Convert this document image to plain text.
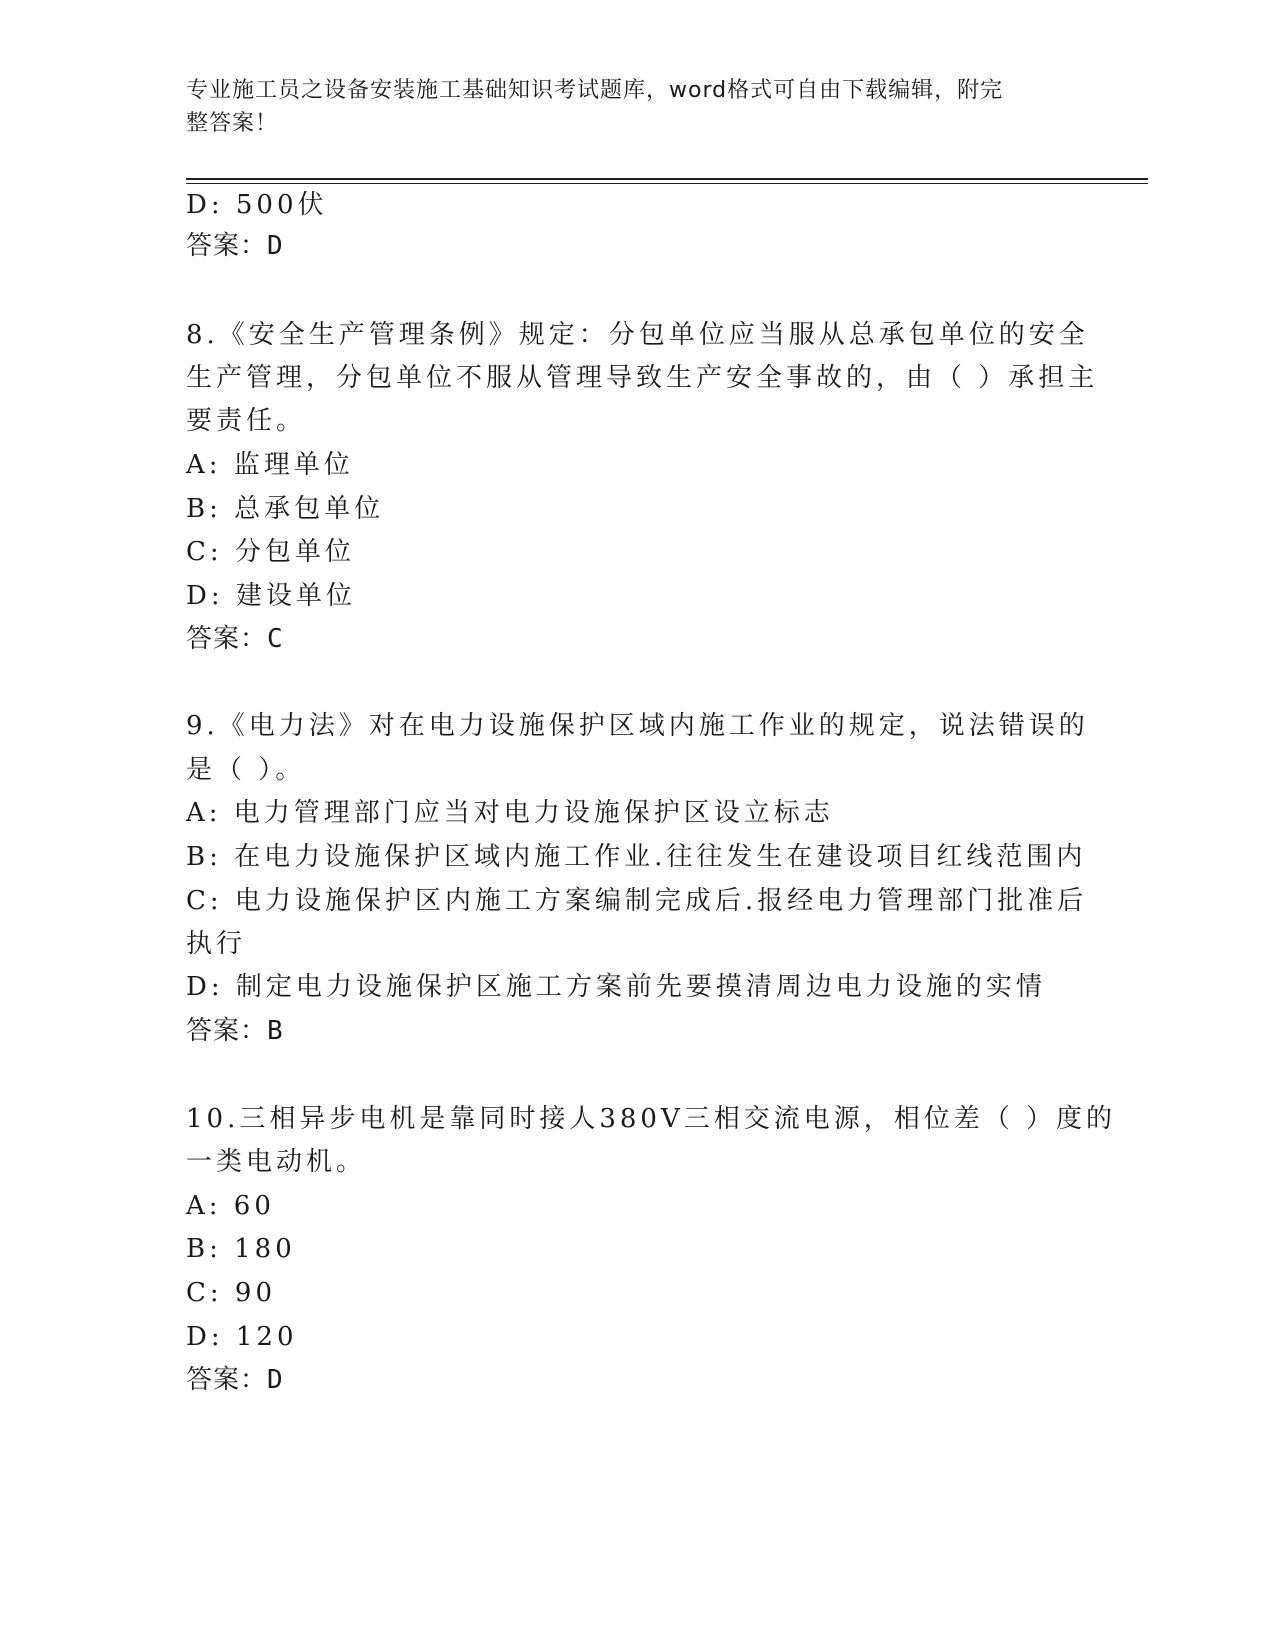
专业施工员之设备安装施工基础知识考试题库，word格式可自由下载编辑，附完
整答案！
D: 500伏
答案：D
8.《安全生产管理条例》规定：分包单位应当服从总承包单位的安全
生产管理，分包单位不服从管理导致生产安全事故的，由（ ）承担主
要责任。
A: 监理单位
B: 总承包单位
C: 分包单位
D: 建设单位
答案：C
9.《电力法》对在电力设施保护区域内施工作业的规定，说法错误的
是（ ）。
A: 电力管理部门应当对电力设施保护区设立标志
B: 在电力设施保护区域内施工作业.往往发生在建设项目红线范围内
C: 电力设施保护区内施工方案编制完成后.报经电力管理部门批准后
执行
D: 制定电力设施保护区施工方案前先要摸清周边电力设施的实情
答案：B
10.三相异步电机是靠同时接人380V三相交流电源，相位差（ ）度的
一类电动机。
A: 60
B: 180
C: 90
D: 120
答案：D
